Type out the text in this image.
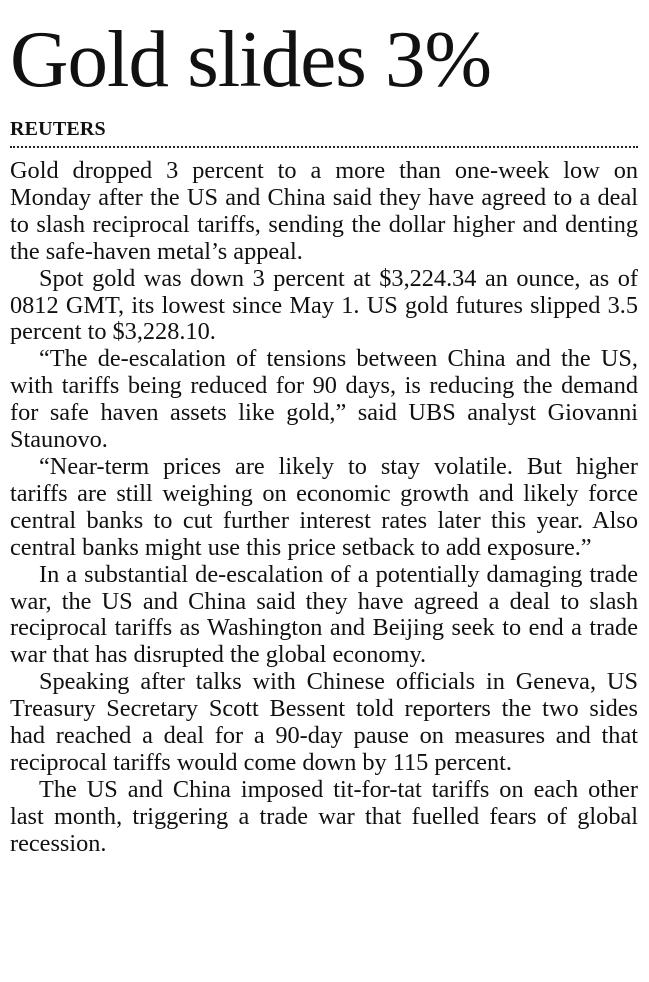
Gold slides 3%
REUTERS

Gold dropped 3 percent to a more than one-week low on Monday after the US and China said they have agreed to a deal to slash reciprocal tariffs, sending the dollar higher and denting the safe-haven metal’s appeal.

Spot gold was down 3 percent at $3,224.34 an ounce, as of 0812 GMT, its lowest since May 1. US gold futures slipped 3.5 percent to $3,228.10.

“The de-escalation of tensions between China and the US, with tariffs being reduced for 90 days, is reducing the demand for safe haven assets like gold,” said UBS analyst Giovanni Staunovo.

“Near-term prices are likely to stay volatile. But higher tariffs are still weighing on economic growth and likely force central banks to cut further interest rates later this year. Also central banks might use this price setback to add exposure.”

In a substantial de-escalation of a potentially damaging trade war, the US and China said they have agreed a deal to slash reciprocal tariffs as Washington and Beijing seek to end a trade war that has disrupted the global economy.

Speaking after talks with Chinese officials in Geneva, US Treasury Secretary Scott Bessent told reporters the two sides had reached a deal for a 90-day pause on measures and that reciprocal tariffs would come down by 115 percent.

The US and China imposed tit-for-tat tariffs on each other last month, triggering a trade war that fuelled fears of global recession.
